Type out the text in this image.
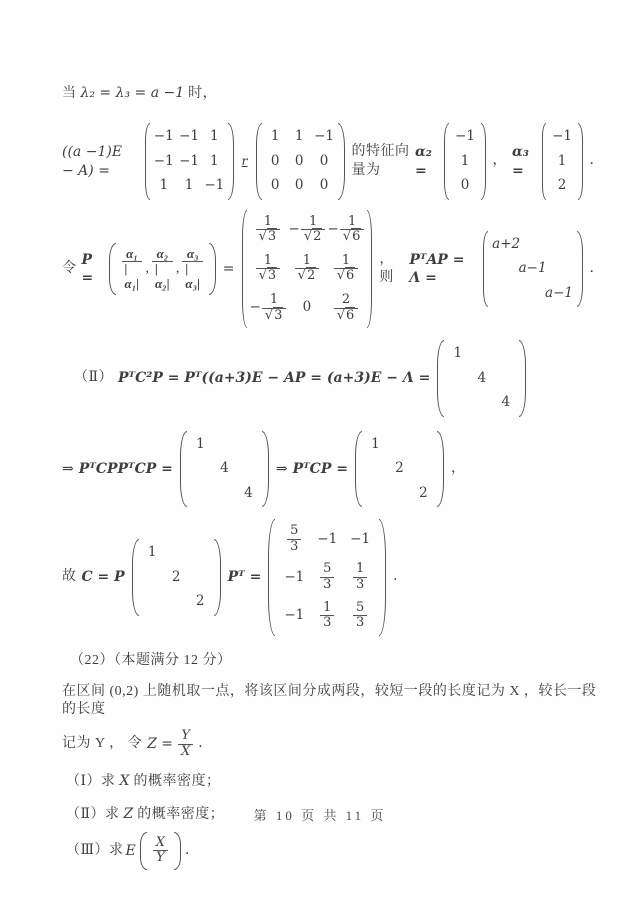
当 λ₂ = λ₃ = a −1 时，

((a −1)E − A) =
−1 −1 1
−1 −1 1
1 1 −1
r
1 1 −1
0 0 0
0 0 0
的特征向量为
α₂ =
−1
1
0
，
α₃ =
−1
1
2
．
令
P =	$\frac{\text{α₁}}{\text{|α₁|}}$ , $\frac{\text{α₂}}{\text{|α₂|}}$ , $\frac{\text{α₃}}{\text{|α₃|}}$ =
$\frac{1}{√3} - \frac{1}{√2} - \frac{1}{√6}$
$\frac{1}{√3} \frac{1}{√2} \frac{1}{√6}$
− $\frac{1}{√3} 0 \frac{2}{√6}$
， 则
PᵀAP = Λ =
a+2
a−1
a−1
．
（Ⅱ） PᵀC²P = Pᵀ((a+3)E − AP = (a+3)E − Λ =
1
4
4
⇒ PᵀCPPᵀCP =
1
4
4
⇒ PᵀCP =
1
2
2
，
故 C = P
1
2
2
Pᵀ =
$\frac{5}{3} -1 -1$
$-1 \frac{5}{3} \frac{1}{3}$
$-1 \frac{1}{3} \frac{5}{3}$
．

（22）（本题满分 12 分）

在区间 (0,2) 上随机取一点，将该区间分成两段，较短一段的长度记为 X ，较长一段的长度

记为 Y ， 令 $Z = \frac{Y}{X}$ ．

（Ⅰ）求 X 的概率密度；

（Ⅱ）求 Z 的概率密度；

（Ⅲ）求 E $\frac{X}{Y}$ ．
第 10 页 共 11 页
